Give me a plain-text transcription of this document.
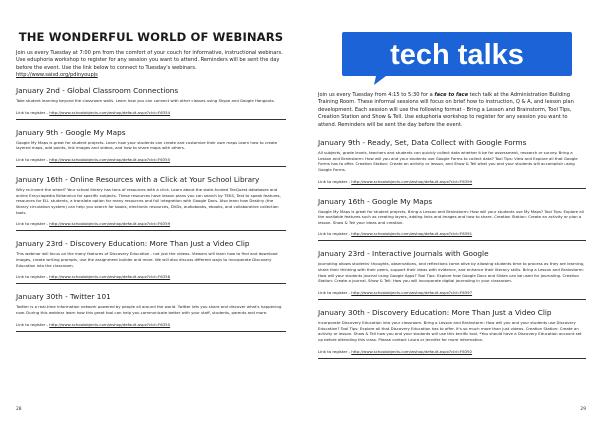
THE WONDERFUL WORLD OF WEBINARS

Join us every Tuesday at 7:00 pm from the comfort of your couch for informative, instructional webinars. Use eduphoria workshop to register for any session you want to attend. Reminders will be sent the day before the event. Use the link below to connect to Tuesday's webinars.

http://www.saisd.org/pdinyoupjs
January 2nd - Global Classroom Connections

Take student learning beyond the classroom walls. Learn how you can connect with other classes using Skype and Google Hangouts.

Link to register - http://www.schoolobjects.com/wshop/default.aspx?cId=F6354
January 9th - Google My Maps

Google My Maps is great for student projects. Learn how your students can create and customize their own maps Learn how to create layered maps, add points, link images and videos, and how to share maps with others.

Link to register - http://www.schoolobjects.com/wshop/default.aspx?cId=F6355
January 16th - Online Resources with a Click at Your School Library

Why re-invent the wheel? Your school library has tons of resources with a click. Learn about the state-funded TexQuest databases and online Encyclopedia Britannica for specific subjects. These resources have lesson plans you can search by TEKS, Text to speak features, resources for ELL students, a translate option for many resources and full integration with Google Docs. Also learn how Destiny (the library circulation system) can help you search for books, electronic resources, DVDs, audiobooks, ebooks, and collaborative collection tools.

Link to register - http://www.schoolobjects.com/wshop/default.aspx?cId=F6359
January 23rd - Discovery Education: More Than Just a Video Clip

This webinar will focus on the many features of Discovery Education - not just the videos. Viewers will learn how to find and download images, create writing prompts, use the assignment builder and more. We will also discuss different ways to incorporate Discovery Education into the classroom.

Link to register - http://www.schoolobjects.com/wshop/default.aspx?cId=F6358
January 30th - Twitter 101

Twitter is a real-time information network powered by people all around the world. Twitter lets you share and discover what's happening now. During this webinar learn how this great tool can help you communicate better with your staff, students, parents and more.

Link to register - http://www.schoolobjects.com/wshop/default.aspx?cId=F6355
28
tech talks

Join us every Tuesday from 4:15 to 5:30 for a face to face tech talk at the Administration Building Training Room. These informal sessions will focus on brief how to instruction, Q & A, and lesson plan development. Each session will use the following format - Bring a Lesson and Brainstorm, Tool Tips, Creation Station and Show & Tell. Use eduphoria workshop to register for any session you want to attend. Reminders will be sent the day before the event.

January 9th - Ready, Set, Data Collect with Google Forms

All subjects, grade levels, teachers and students can quickly collect data whether it be for assessment, research or survey. Bring a Lesson and Brainstorm: How will you and your students use Google Forms to collect data? Tool Tips: View and Explore all that Google Forms has to offer. Creation Station: Create an activity or lesson, and Show & Tell what you and your students will accomplish using Google Forms.

Link to register - http://www.schoolobjects.com/wshop/default.aspx?cId=F6399
January 16th - Google My Maps

Google My Maps is great for student projects. Bring a Lesson and Brainstorm: How will your students use My Maps? Tool Tips: Explore all the available features such as creating layers, adding links and images and how to share. Creation Station: Create an activity or plan a lesson. Show & Tell your ideas and creation.

Link to register - http://www.schoolobjects.com/wshop/default.aspx?cId=F6391
January 23rd - Interactive Journals with Google

Journaling allows students' thoughts, observations, and reflections come alive by allowing students time to process as they are learning, share their thinking with their peers, support their ideas with evidence, and enhance their literacy skills. Bring a Lesson and Brainstorm: How will your students journal using Google Apps? Tool Tips: Explore how Google Docs and Slides can be used for journaling. Creation Station: Create a journal. Show & Tell: How you will incorporate digital journaling in your classroom.

Link to register - http://www.schoolobjects.com/wshop/default.aspx?cId=F6397
January 30th - Discovery Education: More Than Just a Video Clip

Incorporate Discovery Education into your classroom. Bring a Lesson and Brainstorm: How will you and your students use Discovery Education? Tool Tips: Explore all that Discovery Education has to offer. It's so much more than just videos. Creation Station: Create an activity or lesson. Show & Tell how you and your students will use this terrific tool. *You should have a Discovery Education account set up before attending this class. Please contact Laura or Jennifer for more information.

Link to register - http://www.schoolobjects.com/wshop/default.aspx?cId=F6392
29
